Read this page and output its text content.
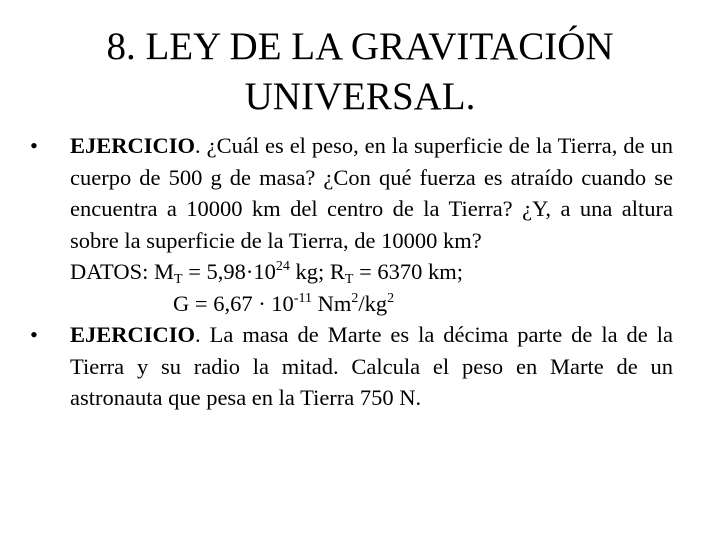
8. LEY DE LA GRAVITACIÓN
UNIVERSAL.
•	EJERCICIO. ¿Cuál es el peso, en la superficie de la Tierra, de un cuerpo de 500 g de masa? ¿Con qué fuerza es atraído cuando se encuentra a 10000 km del centro de la Tierra? ¿Y, a una altura sobre la superficie de la Tierra, de 10000 km?
DATOS: $M_T = 5,98\cdot 10^{24}$ kg; $R_T = 6370$ km;
$G = 6,67 \cdot 10^{-11}$ $Nm^2/kg^2$
•	EJERCICIO. La masa de Marte es la décima parte de la de la Tierra y su radio la mitad. Calcula el peso en Marte de un astronauta que pesa en la Tierra 750 N.
